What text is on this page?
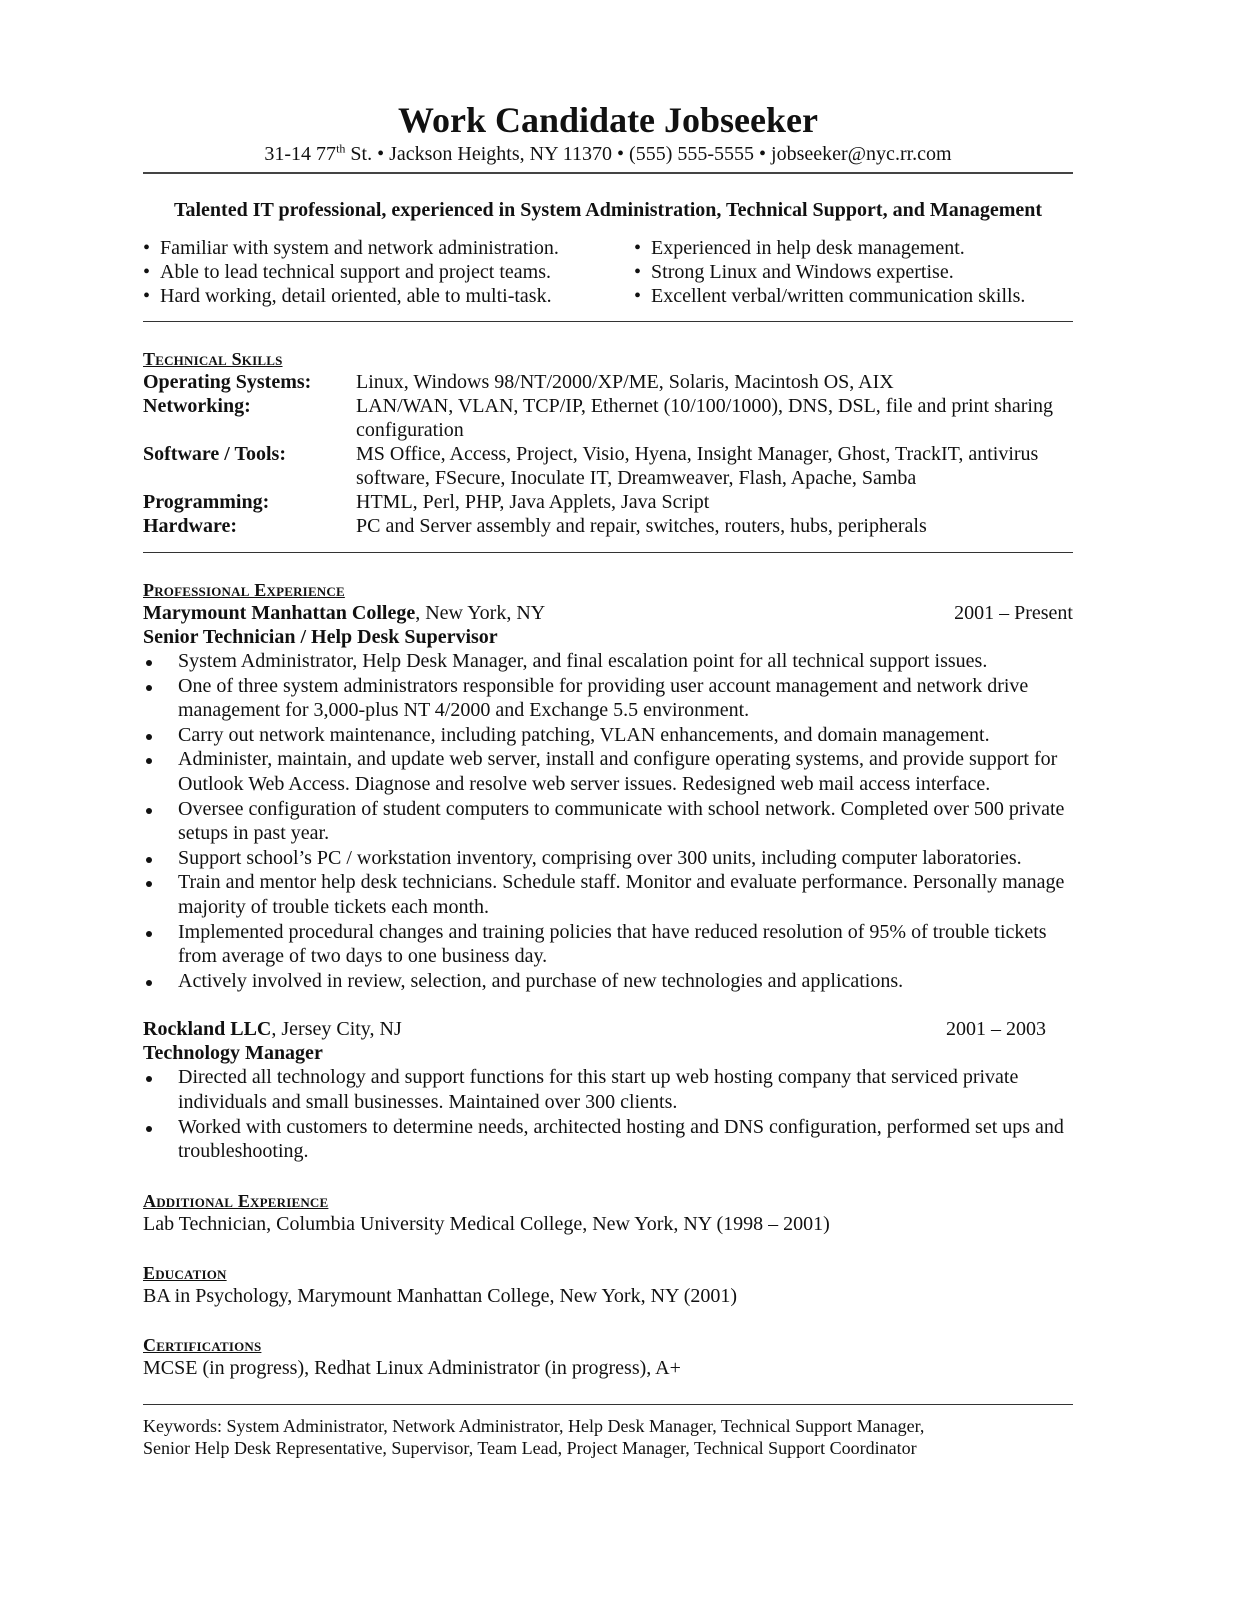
Work Candidate Jobseeker

31-14 77th St. • Jackson Heights, NY 11370 • (555) 555-5555 • jobseeker@nyc.rr.com

Talented IT professional, experienced in System Administration, Technical Support, and Management
•  Familiar with system and network administration.
•  Able to lead technical support and project teams.
•  Hard working, detail oriented, able to multi-task.
•  Experienced in help desk management.
•  Strong Linux and Windows expertise.
•  Excellent verbal/written communication skills.
Technical Skills
Operating Systems:	Linux, Windows 98/NT/2000/XP/ME, Solaris, Macintosh OS, AIX
Networking:	LAN/WAN, VLAN, TCP/IP, Ethernet (10/100/1000), DNS, DSL, file and print sharing configuration
Software / Tools:	MS Office, Access, Project, Visio, Hyena, Insight Manager, Ghost, TrackIT, antivirus software, FSecure, Inoculate IT, Dreamweaver, Flash, Apache, Samba
Programming:	HTML, Perl, PHP, Java Applets, Java Script
Hardware:	PC and Server assembly and repair, switches, routers, hubs, peripherals
Professional Experience
Marymount Manhattan College, New York, NY	2001 – Present
Senior Technician / Help Desk Supervisor
System Administrator, Help Desk Manager, and final escalation point for all technical support issues.
One of three system administrators responsible for providing user account management and network drive management for 3,000-plus NT 4/2000 and Exchange 5.5 environment.
Carry out network maintenance, including patching, VLAN enhancements, and domain management.
Administer, maintain, and update web server, install and configure operating systems, and provide support for Outlook Web Access. Diagnose and resolve web server issues. Redesigned web mail access interface.
Oversee configuration of student computers to communicate with school network. Completed over 500 private setups in past year.
Support school’s PC / workstation inventory, comprising over 300 units, including computer laboratories.
Train and mentor help desk technicians. Schedule staff. Monitor and evaluate performance. Personally manage majority of trouble tickets each month.
Implemented procedural changes and training policies that have reduced resolution of 95% of trouble tickets from average of two days to one business day.
Actively involved in review, selection, and purchase of new technologies and applications.
Rockland LLC, Jersey City, NJ	2001 – 2003
Technology Manager
Directed all technology and support functions for this start up web hosting company that serviced private individuals and small businesses. Maintained over 300 clients.
Worked with customers to determine needs, architected hosting and DNS configuration, performed set ups and troubleshooting.
Additional Experience
Lab Technician, Columbia University Medical College, New York, NY (1998 – 2001)
Education
BA in Psychology, Marymount Manhattan College, New York, NY (2001)
Certifications
MCSE (in progress), Redhat Linux Administrator (in progress), A+
Keywords: System Administrator, Network Administrator, Help Desk Manager, Technical Support Manager,
Senior Help Desk Representative, Supervisor, Team Lead, Project Manager, Technical Support Coordinator
